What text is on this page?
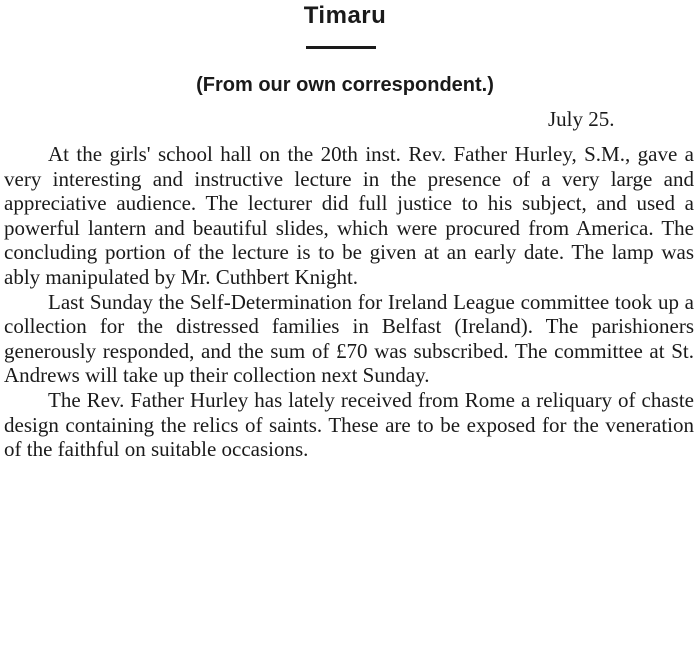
Timaru
(From our own correspondent.)
July 25.

At the girls' school hall on the 20th inst. Rev. Father Hurley, S.M., gave a very interesting and instructive lecture in the presence of a very large and appreciative audience. The lecturer did full justice to his subject, and used a powerful lantern and beautiful slides, which were procured from America. The concluding portion of the lecture is to be given at an early date. The lamp was ably manipulated by Mr. Cuthbert Knight.

Last Sunday the Self-Determination for Ireland League committee took up a collection for the distressed families in Belfast (Ireland). The parishioners generously responded, and the sum of £70 was subscribed. The committee at St. Andrews will take up their collection next Sunday.

The Rev. Father Hurley has lately received from Rome a reliquary of chaste design containing the relics of saints. These are to be exposed for the veneration of the faithful on suitable occasions.
